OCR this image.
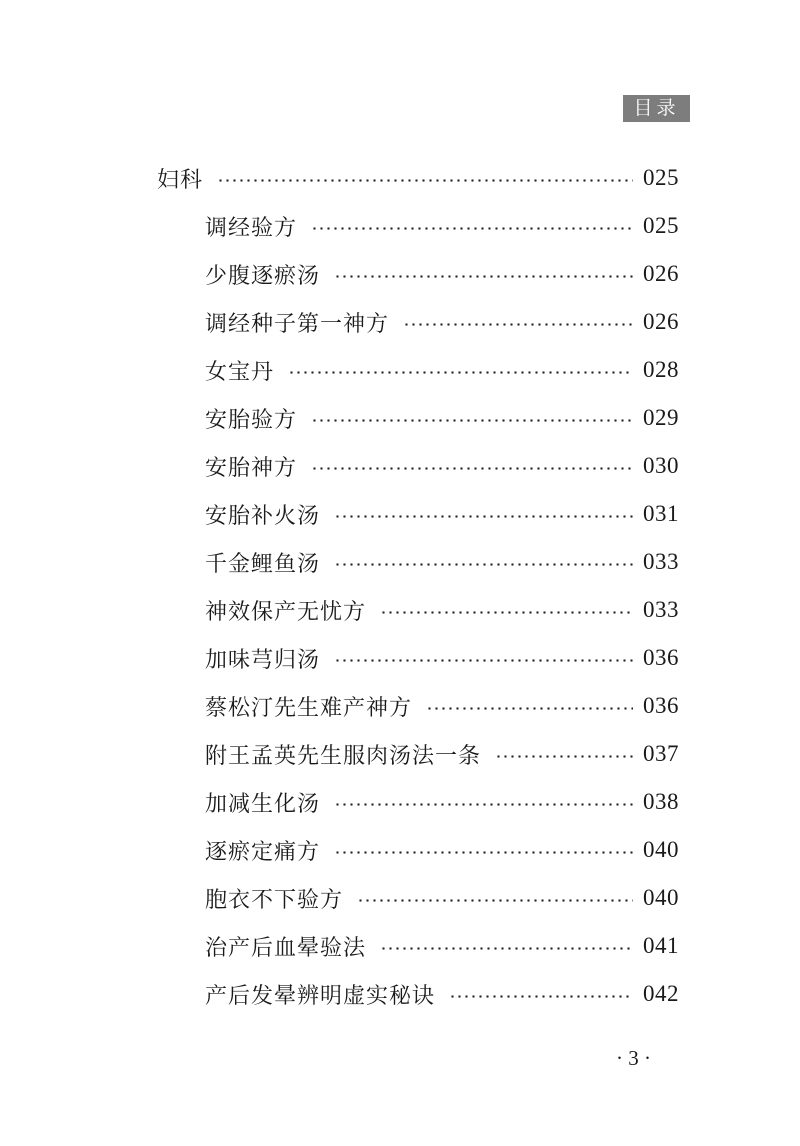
目录
妇科	025
调经验方	025
少腹逐瘀汤	026
调经种子第一神方	026
女宝丹	028
安胎验方	029
安胎神方	030
安胎补火汤	031
千金鲤鱼汤	033
神效保产无忧方	033
加味芎归汤	036
蔡松汀先生难产神方	036
附王孟英先生服肉汤法一条	037
加减生化汤	038
逐瘀定痛方	040
胞衣不下验方	040
治产后血晕验法	041
产后发晕辨明虚实秘诀	042
· 3 ·
